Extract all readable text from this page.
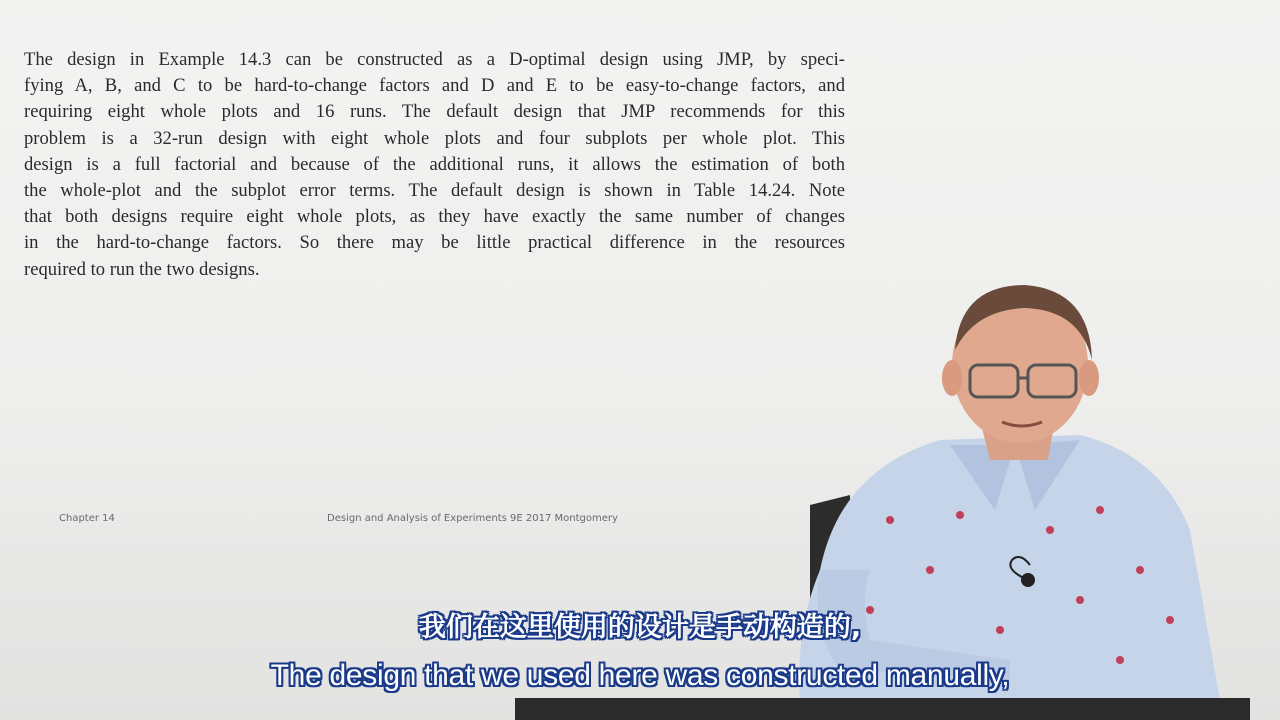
The design in Example 14.3 can be constructed as a D-optimal design using JMP, by speci-
fying A, B, and C to be hard-to-change factors and D and E to be easy-to-change factors, and
requiring eight whole plots and 16 runs. The default design that JMP recommends for this
problem is a 32-run design with eight whole plots and four subplots per whole plot. This
design is a full factorial and because of the additional runs, it allows the estimation of both
the whole-plot and the subplot error terms. The default design is shown in Table 14.24. Note
that both designs require eight whole plots, as they have exactly the same number of changes
in the hard-to-change factors. So there may be little practical difference in the resources
required to run the two designs.
Chapter 14	Design and Analysis of Experiments 9E 2017 Montgomery
我们在这里使用的设计是手动构造的,
The design that we used here was constructed manually,
